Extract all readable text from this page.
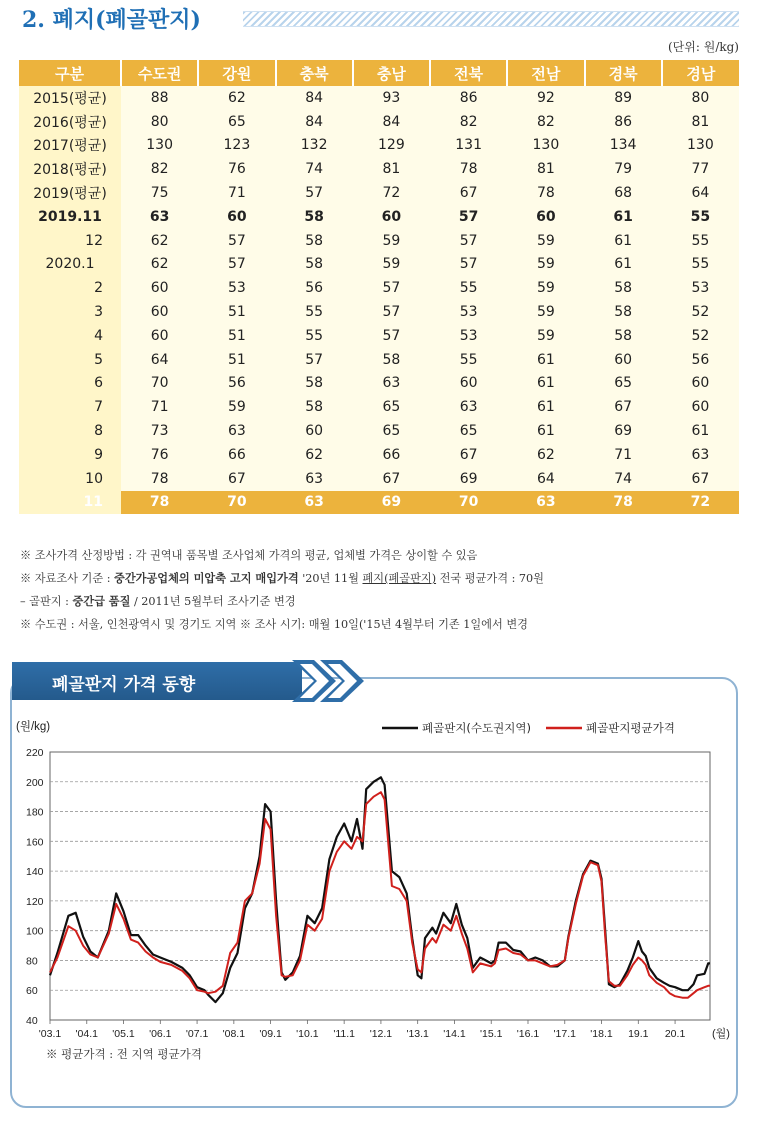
2. 폐지(폐골판지)
(단위: 원/kg)
구분	수도권	강원	충북	충남	전북	전남	경북	경남
2015(평균)	88	62	84	93	86	92	89	80
2016(평균)	80	65	84	84	82	82	86	81
2017(평균)	130	123	132	129	131	130	134	130
2018(평균)	82	76	74	81	78	81	79	77
2019(평균)	75	71	57	72	67	78	68	64
2019.11	63	60	58	60	57	60	61	55
12	62	57	58	59	57	59	61	55
2020.1	62	57	58	59	57	59	61	55
2	60	53	56	57	55	59	58	53
3	60	51	55	57	53	59	58	52
4	60	51	55	57	53	59	58	52
5	64	51	57	58	55	61	60	56
6	70	56	58	63	60	61	65	60
7	71	59	58	65	63	61	67	60
8	73	63	60	65	65	61	69	61
9	76	66	62	66	67	62	71	63
10	78	67	63	67	69	64	74	67
11	78	70	63	69	70	63	78	72
※ 조사가격 산정방법 : 각 권역내 품목별 조사업체 가격의 평균, 업체별 가격은 상이할 수 있음
※ 자료조사 기준 : 중간가공업체의 미압축 고지 매입가격 '20년 11월 폐지(폐골판지) 전국 평균가격 : 70원
– 골판지 : 중간급 품질 / 2011년 5월부터 조사기준 변경
※ 수도권 : 서울, 인천광역시 및 경기도 지역 ※ 조사 시기: 매월 10일('15년 4월부터 기존 1일에서 변경
폐골판지 가격 동향
40
60
80
100
120
140
160
180
200
220
'03.1 '04.1 '05.1 '06.1 '07.1 '08.1 '09.1 '10.1 '11.1 '12.1 '13.1 '14.1 '15.1 '16.1 '17.1 '18.1 19.1 20.1 (월)
(원/kg)	폐골판지(수도권지역)	폐골판지평균가격
※ 평균가격 : 전 지역 평균가격
